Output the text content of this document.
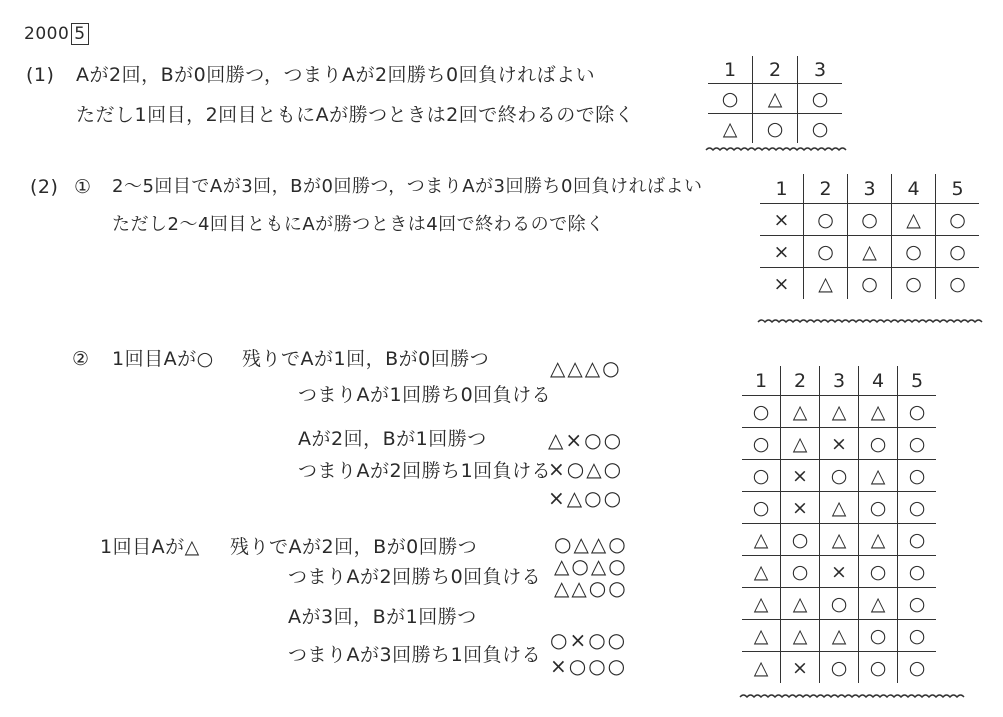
2000 5
(1) Aが2回，Bが0回勝つ，つまりAが2回勝ち0回負ければよい
ただし1回目，2回目ともにAが勝つときは2回で終わるので除く
1	2	3
○	△	○
△	○	○
(2) ① 2〜5回目でAが3回，Bが0回勝つ，つまりAが3回勝ち0回負ければよい
ただし2〜4回目ともにAが勝つときは4回で終わるので除く
1	2	3	4	5
×	○	○	△	○
×	○	△	○	○
×	△	○	○	○
② 1回目Aが○ 残りでAが1回，Bが0回勝つ
つまりAが1回勝ち0回負ける
△△△○
Aが2回，Bが1回勝つ
つまりAが2回勝ち1回負ける
△×○○
×○△○
×△○○
1回目Aが△ 残りでAが2回，Bが0回勝つ
つまりAが2回勝ち0回負ける
○△△○
△○△○
△△○○
Aが3回，Bが1回勝つ
つまりAが3回勝ち1回負ける
○×○○
×○○○
1	2	3	4	5
○	△	△	△	○
○	△	×	○	○
○	×	○	△	○
○	×	△	○	○
△	○	△	△	○
△	○	×	○	○
△	△	○	△	○
△	△	△	○	○
△	×	○	○	○
